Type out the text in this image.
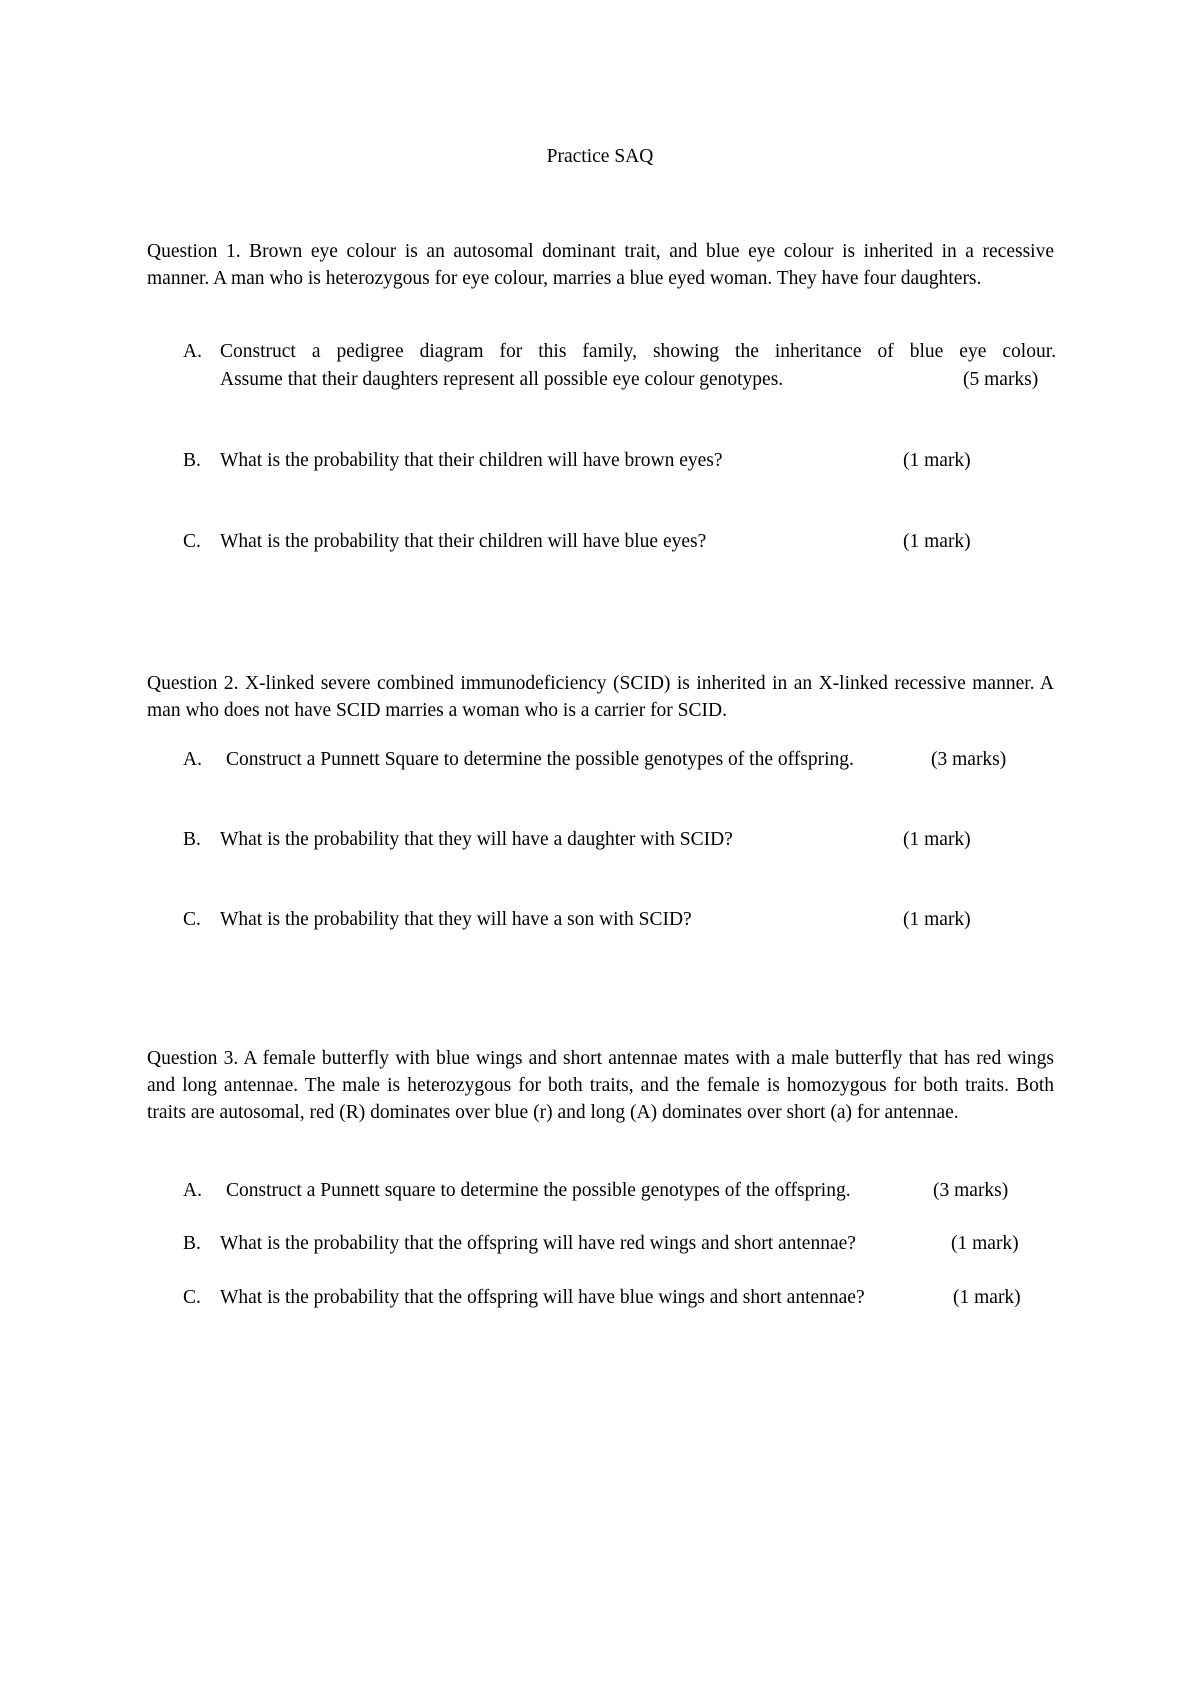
Practice SAQ

Question 1. Brown eye colour is an autosomal dominant trait, and blue eye colour is inherited in a recessive manner. A man who is heterozygous for eye colour, marries a blue eyed woman. They have four daughters.

A. Construct a pedigree diagram for this family, showing the inheritance of blue eye colour.
Assume that their daughters represent all possible eye colour genotypes.	(5 marks)
B. What is the probability that their children will have brown eyes?	(1 mark)
C. What is the probability that their children will have blue eyes?	(1 mark)

Question 2. X-linked severe combined immunodeficiency (SCID) is inherited in an X-linked recessive manner. A man who does not have SCID marries a woman who is a carrier for SCID.

A.	Construct a Punnett Square to determine the possible genotypes of the offspring.	(3 marks)
B. What is the probability that they will have a daughter with SCID?	(1 mark)
C. What is the probability that they will have a son with SCID?	(1 mark)

Question 3. A female butterfly with blue wings and short antennae mates with a male butterfly that has red wings and long antennae. The male is heterozygous for both traits, and the female is homozygous for both traits. Both traits are autosomal, red (R) dominates over blue (r) and long (A) dominates over short (a) for antennae.

A.	Construct a Punnett square to determine the possible genotypes of the offspring.	(3 marks)
B. What is the probability that the offspring will have red wings and short antennae?	(1 mark)
C. What is the probability that the offspring will have blue wings and short antennae?	(1 mark)
